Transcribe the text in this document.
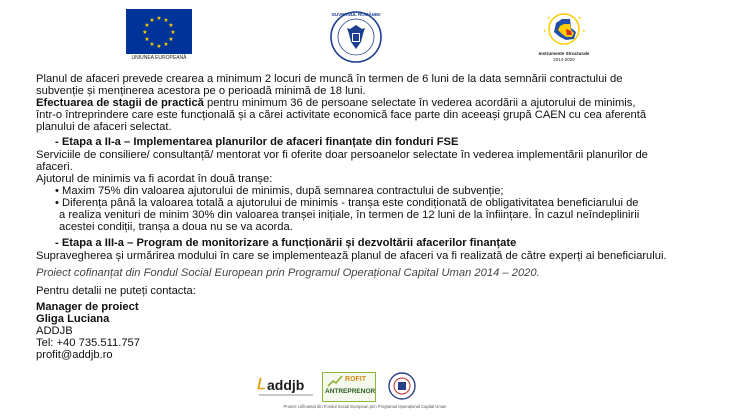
★ ★
★
★
★
★
★
★
★
★
★
★
UNIUNEA EUROPEANĂ
GUVERNUL ROMÂNIEI
★	★
★	★
Instrumente Structurale
2014-2020
Planul de afaceri prevede crearea a minimum 2 locuri de muncă în termen de 6 luni de la data semnării contractului de
subvenție și menținerea acestora pe o perioadă minimă de 18 luni.
Efectuarea de stagii de practică pentru minimum 36 de persoane selectate în vederea acordării a ajutorului de minimis,
într-o întreprindere care este funcțională și a cărei activitate economică face parte din aceeași grupă CAEN cu cea aferentă
planului de afaceri selectat.
- Etapa a II-a – Implementarea planurilor de afaceri finanțate din fonduri FSE
Serviciile de consiliere/ consultanță/ mentorat vor fi oferite doar persoanelor selectate în vederea implementării planurilor de
afaceri.
Ajutorul de minimis va fi acordat în două tranșe:
• Maxim 75% din valoarea ajutorului de minimis, după semnarea contractului de subvenție;
• Diferența până la valoarea totală a ajutorului de minimis - tranșa este condiționată de obligativitatea beneficiarului de
a realiza venituri de minim 30% din valoarea tranșei inițiale, în termen de 12 luni de la înființare. În cazul neîndeplinirii
acestei condiții, tranșa a doua nu se va acorda.
- Etapa a III-a – Program de monitorizare a funcționării și dezvoltării afacerilor finanțate
Supravegherea și urmărirea modului în care se implementează planul de afaceri va fi realizată de către experți ai beneficiarului.
Proiect cofinanțat din Fondul Social European prin Programul Operațional Capital Uman 2014 – 2020.
Pentru detalii ne puteți contacta:
Manager de proiect
Gliga Luciana
ADDJB
Tel: +40 735.511.757
profit@addjb.ro
𝐿 addjb	ROFIT
ANTREPRENOR
Proiect cofinanțat din Fondul Social European prin Programul Operațional Capital Uman
